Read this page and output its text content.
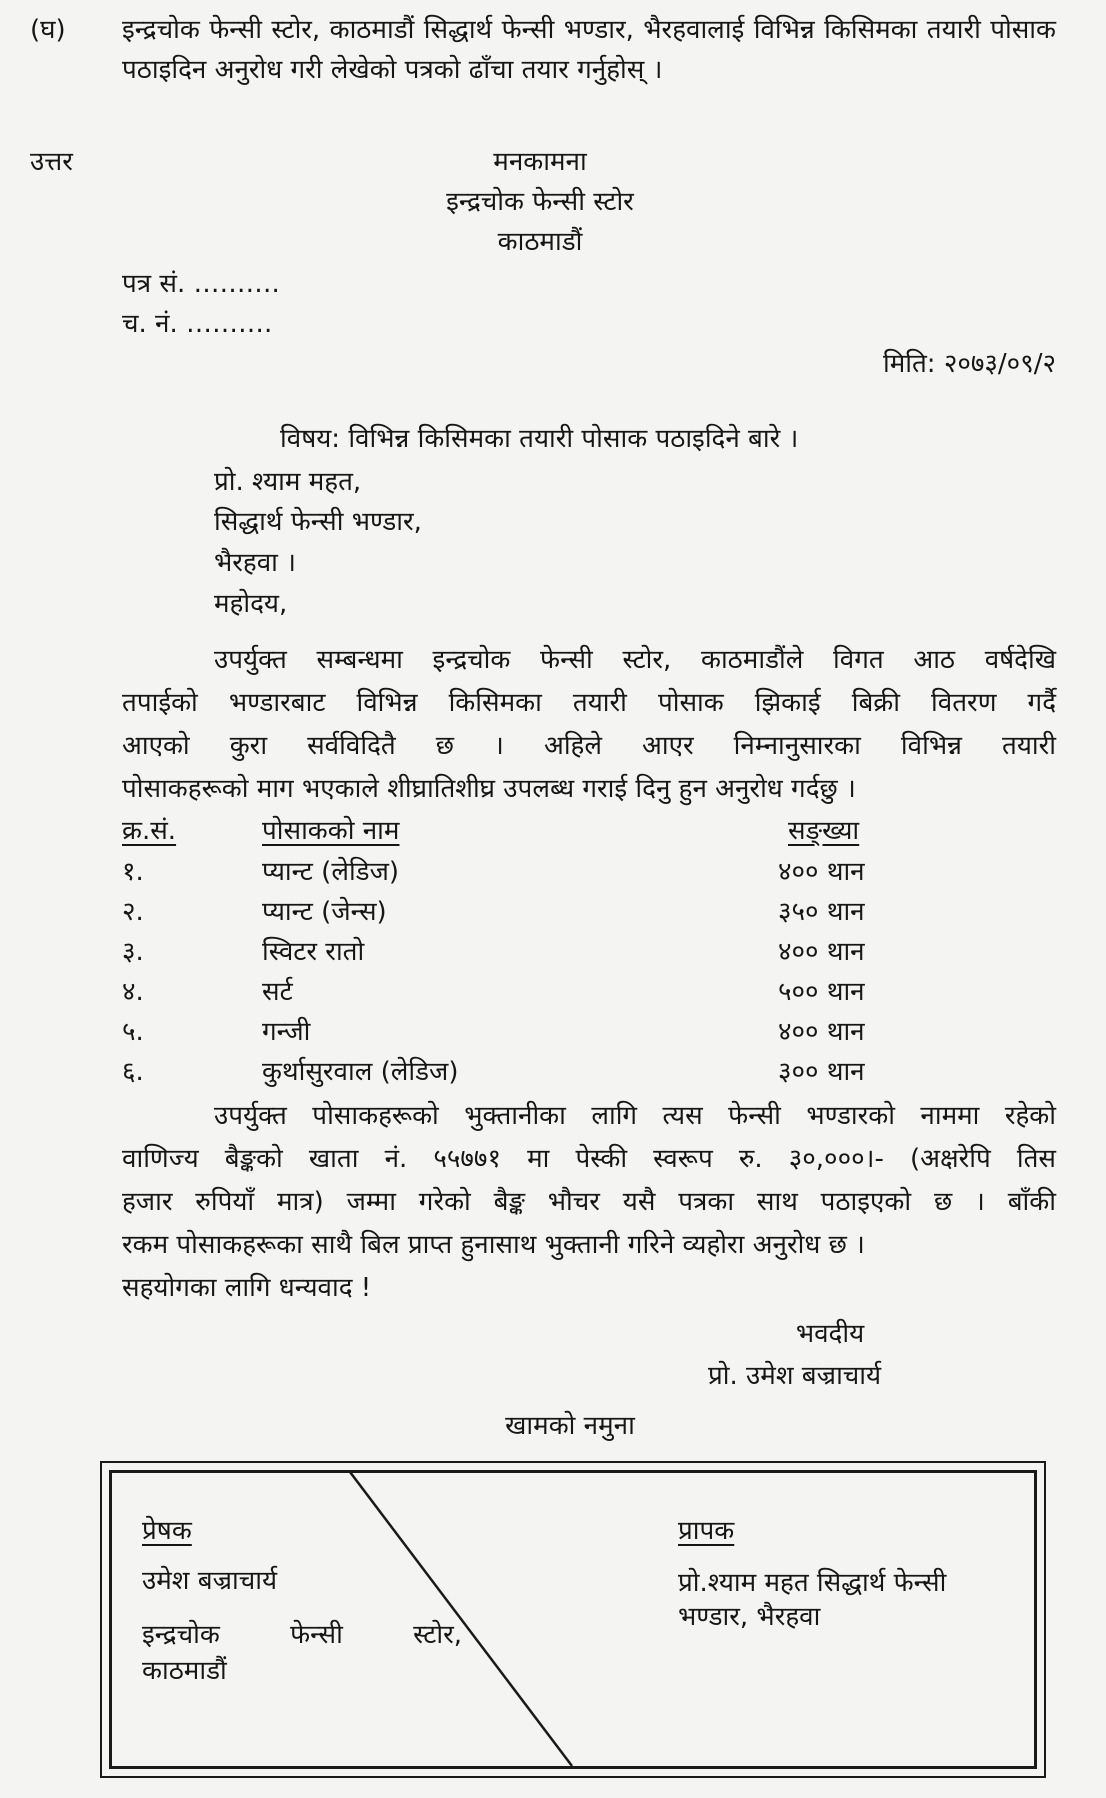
(घ) इन्द्रचोक फेन्सी स्टोर, काठमाडौं सिद्धार्थ फेन्सी भण्डार, भैरहवालाई विभिन्न किसिमका तयारी पोसाक पठाइदिन अनुरोध गरी लेखेको पत्रको ढाँचा तयार गर्नुहोस् ।
उत्तर	मनकामना
इन्द्रचोक फेन्सी स्टोर
काठमाडौं
पत्र सं. ……….
च. नं. ……….
मिति: २०७३/०९/२
विषय: विभिन्न किसिमका तयारी पोसाक पठाइदिने बारे ।
प्रो. श्याम महत,
सिद्धार्थ फेन्सी भण्डार,
भैरहवा ।
महोदय,
उपर्युक्त सम्बन्धमा इन्द्रचोक फेन्सी स्टोर, काठमाडौंले विगत आठ वर्षदेखि
तपाईको भण्डारबाट विभिन्न किसिमका तयारी पोसाक झिकाई बिक्री वितरण गर्दै
आएको कुरा सर्वविदितै छ । अहिले आएर निम्नानुसारका विभिन्न तयारी
पोसाकहरूको माग भएकाले शीघ्रातिशीघ्र उपलब्ध गराई दिनु हुन अनुरोध गर्दछु ।
क्र.सं.	पोसाकको नाम	सङ्ख्या
१.	प्यान्ट (लेडिज)	४०० थान
२.	प्यान्ट (जेन्स)	३५० थान
३.	स्विटर रातो	४०० थान
४.	सर्ट	५०० थान
५.	गन्जी	४०० थान
६.	कुर्थासुरवाल (लेडिज)	३०० थान
उपर्युक्त पोसाकहरूको भुक्तानीका लागि त्यस फेन्सी भण्डारको नाममा रहेको
वाणिज्य बैङ्कको खाता नं. ५५७७१ मा पेस्की स्वरूप रु. ३०,०००।- (अक्षरेपि तिस
हजार रुपियाँ मात्र) जम्मा गरेको बैङ्क भौचर यसै पत्रका साथ पठाइएको छ । बाँकी
रकम पोसाकहरूका साथै बिल प्राप्त हुनासाथ भुक्तानी गरिने व्यहोरा अनुरोध छ ।
सहयोगका लागि धन्यवाद !
भवदीय
प्रो. उमेश बज्राचार्य
खामको नमुना
प्रेषक
उमेश बज्राचार्य
इन्द्रचोक फेन्सी स्टोर,
काठमाडौं
प्रापक
प्रो.श्याम महत सिद्धार्थ फेन्सी
भण्डार, भैरहवा
